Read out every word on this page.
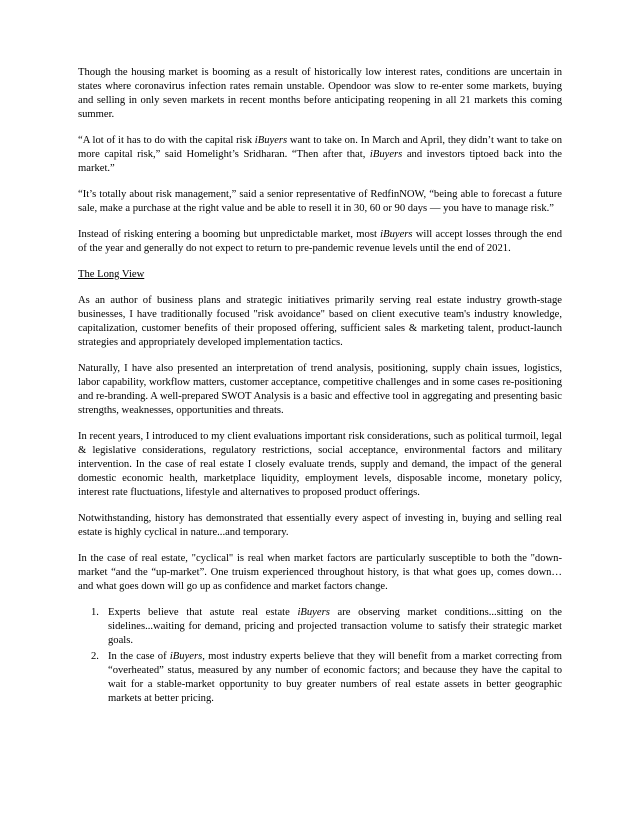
Though the housing market is booming as a result of historically low interest rates, conditions are uncertain in states where coronavirus infection rates remain unstable. Opendoor was slow to re-enter some markets, buying and selling in only seven markets in recent months before anticipating reopening in all 21 markets this coming summer.

“A lot of it has to do with the capital risk iBuyers want to take on. In March and April, they didn’t want to take on more capital risk,” said Homelight’s Sridharan. “Then after that, iBuyers and investors tiptoed back into the market.”

“It’s totally about risk management,” said a senior representative of RedfinNOW, “being able to forecast a future sale, make a purchase at the right value and be able to resell it in 30, 60 or 90 days — you have to manage risk.”

Instead of risking entering a booming but unpredictable market, most iBuyers will accept losses through the end of the year and generally do not expect to return to pre-pandemic revenue levels until the end of 2021.

The Long View

As an author of business plans and strategic initiatives primarily serving real estate industry growth-stage businesses, I have traditionally focused "risk avoidance" based on client executive team's industry knowledge, capitalization, customer benefits of their proposed offering, sufficient sales & marketing talent, product-launch strategies and appropriately developed implementation tactics.

Naturally, I have also presented an interpretation of trend analysis, positioning, supply chain issues, logistics, labor capability, workflow matters, customer acceptance, competitive challenges and in some cases re-positioning and re-branding. A well-prepared SWOT Analysis is a basic and effective tool in aggregating and presenting basic strengths, weaknesses, opportunities and threats.

In recent years, I introduced to my client evaluations important risk considerations, such as political turmoil, legal & legislative considerations, regulatory restrictions, social acceptance, environmental factors and military intervention. In the case of real estate I closely evaluate trends, supply and demand, the impact of the general domestic economic health, marketplace liquidity, employment levels, disposable income, monetary policy, interest rate fluctuations, lifestyle and alternatives to proposed product offerings.

Notwithstanding, history has demonstrated that essentially every aspect of investing in, buying and selling real estate is highly cyclical in nature...and temporary.

In the case of real estate, "cyclical" is real when market factors are particularly susceptible to both the "down-market “and the “up-market”. One truism experienced throughout history, is that what goes up, comes down…and what goes down will go up as confidence and market factors change.

1. Experts believe that astute real estate iBuyers are observing market conditions...sitting on the sidelines...waiting for demand, pricing and projected transaction volume to satisfy their strategic market goals.
2. In the case of iBuyers, most industry experts believe that they will benefit from a market correcting from “overheated” status, measured by any number of economic factors; and because they have the capital to wait for a stable-market opportunity to buy greater numbers of real estate assets in better geographic markets at better pricing.
